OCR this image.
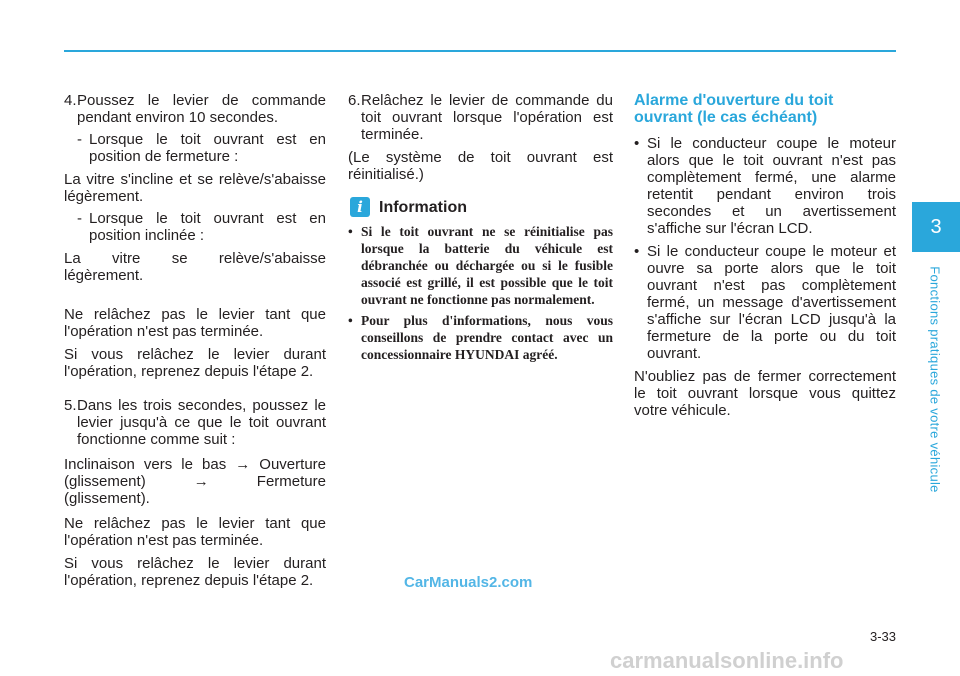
4. Poussez le levier de commande pendant environ 10 secondes.
- Lorsque le toit ouvrant est en position de fermeture :

La vitre s'incline et se relève/s'abaisse légèrement.

- Lorsque le toit ouvrant est en position inclinée :

La vitre se relève/s'abaisse légèrement.

Ne relâchez pas le levier tant que l'opération n'est pas terminée.

Si vous relâchez le levier durant l'opération, reprenez depuis l'étape 2.

5. Dans les trois secondes, poussez le levier jusqu'à ce que le toit ouvrant fonctionne comme suit :

Inclinaison vers le bas → Ouverture (glissement) → Fermeture (glissement).

Ne relâchez pas le levier tant que l'opération n'est pas terminée.

Si vous relâchez le levier durant l'opération, reprenez depuis l'étape 2.

6. Relâchez le levier de commande du toit ouvrant lorsque l'opération est terminée.

(Le système de toit ouvrant est réinitialisé.)

i	Information
• Si le toit ouvrant ne se réinitialise pas lorsque la batterie du véhicule est débranchée ou déchargée ou si le fusible associé est grillé, il est possible que le toit ouvrant ne fonctionne pas normalement.
• Pour plus d'informations, nous vous conseillons de prendre contact avec un concessionnaire HYUNDAI agréé.

Alarme d'ouverture du toit ouvrant (le cas échéant)

• Si le conducteur coupe le moteur alors que le toit ouvrant n'est pas complètement fermé, une alarme retentit pendant environ trois secondes et un avertissement s'affiche sur l'écran LCD.
• Si le conducteur coupe le moteur et ouvre sa porte alors que le toit ouvrant n'est pas complètement fermé, un message d'avertissement s'affiche sur l'écran LCD jusqu'à la fermeture de la porte ou du toit ouvrant.

N'oubliez pas de fermer correctement le toit ouvrant lorsque vous quittez votre véhicule.

3
Fonctions pratiques de votre véhicule
3-33
CarManuals2.com
carmanualsonline.info
